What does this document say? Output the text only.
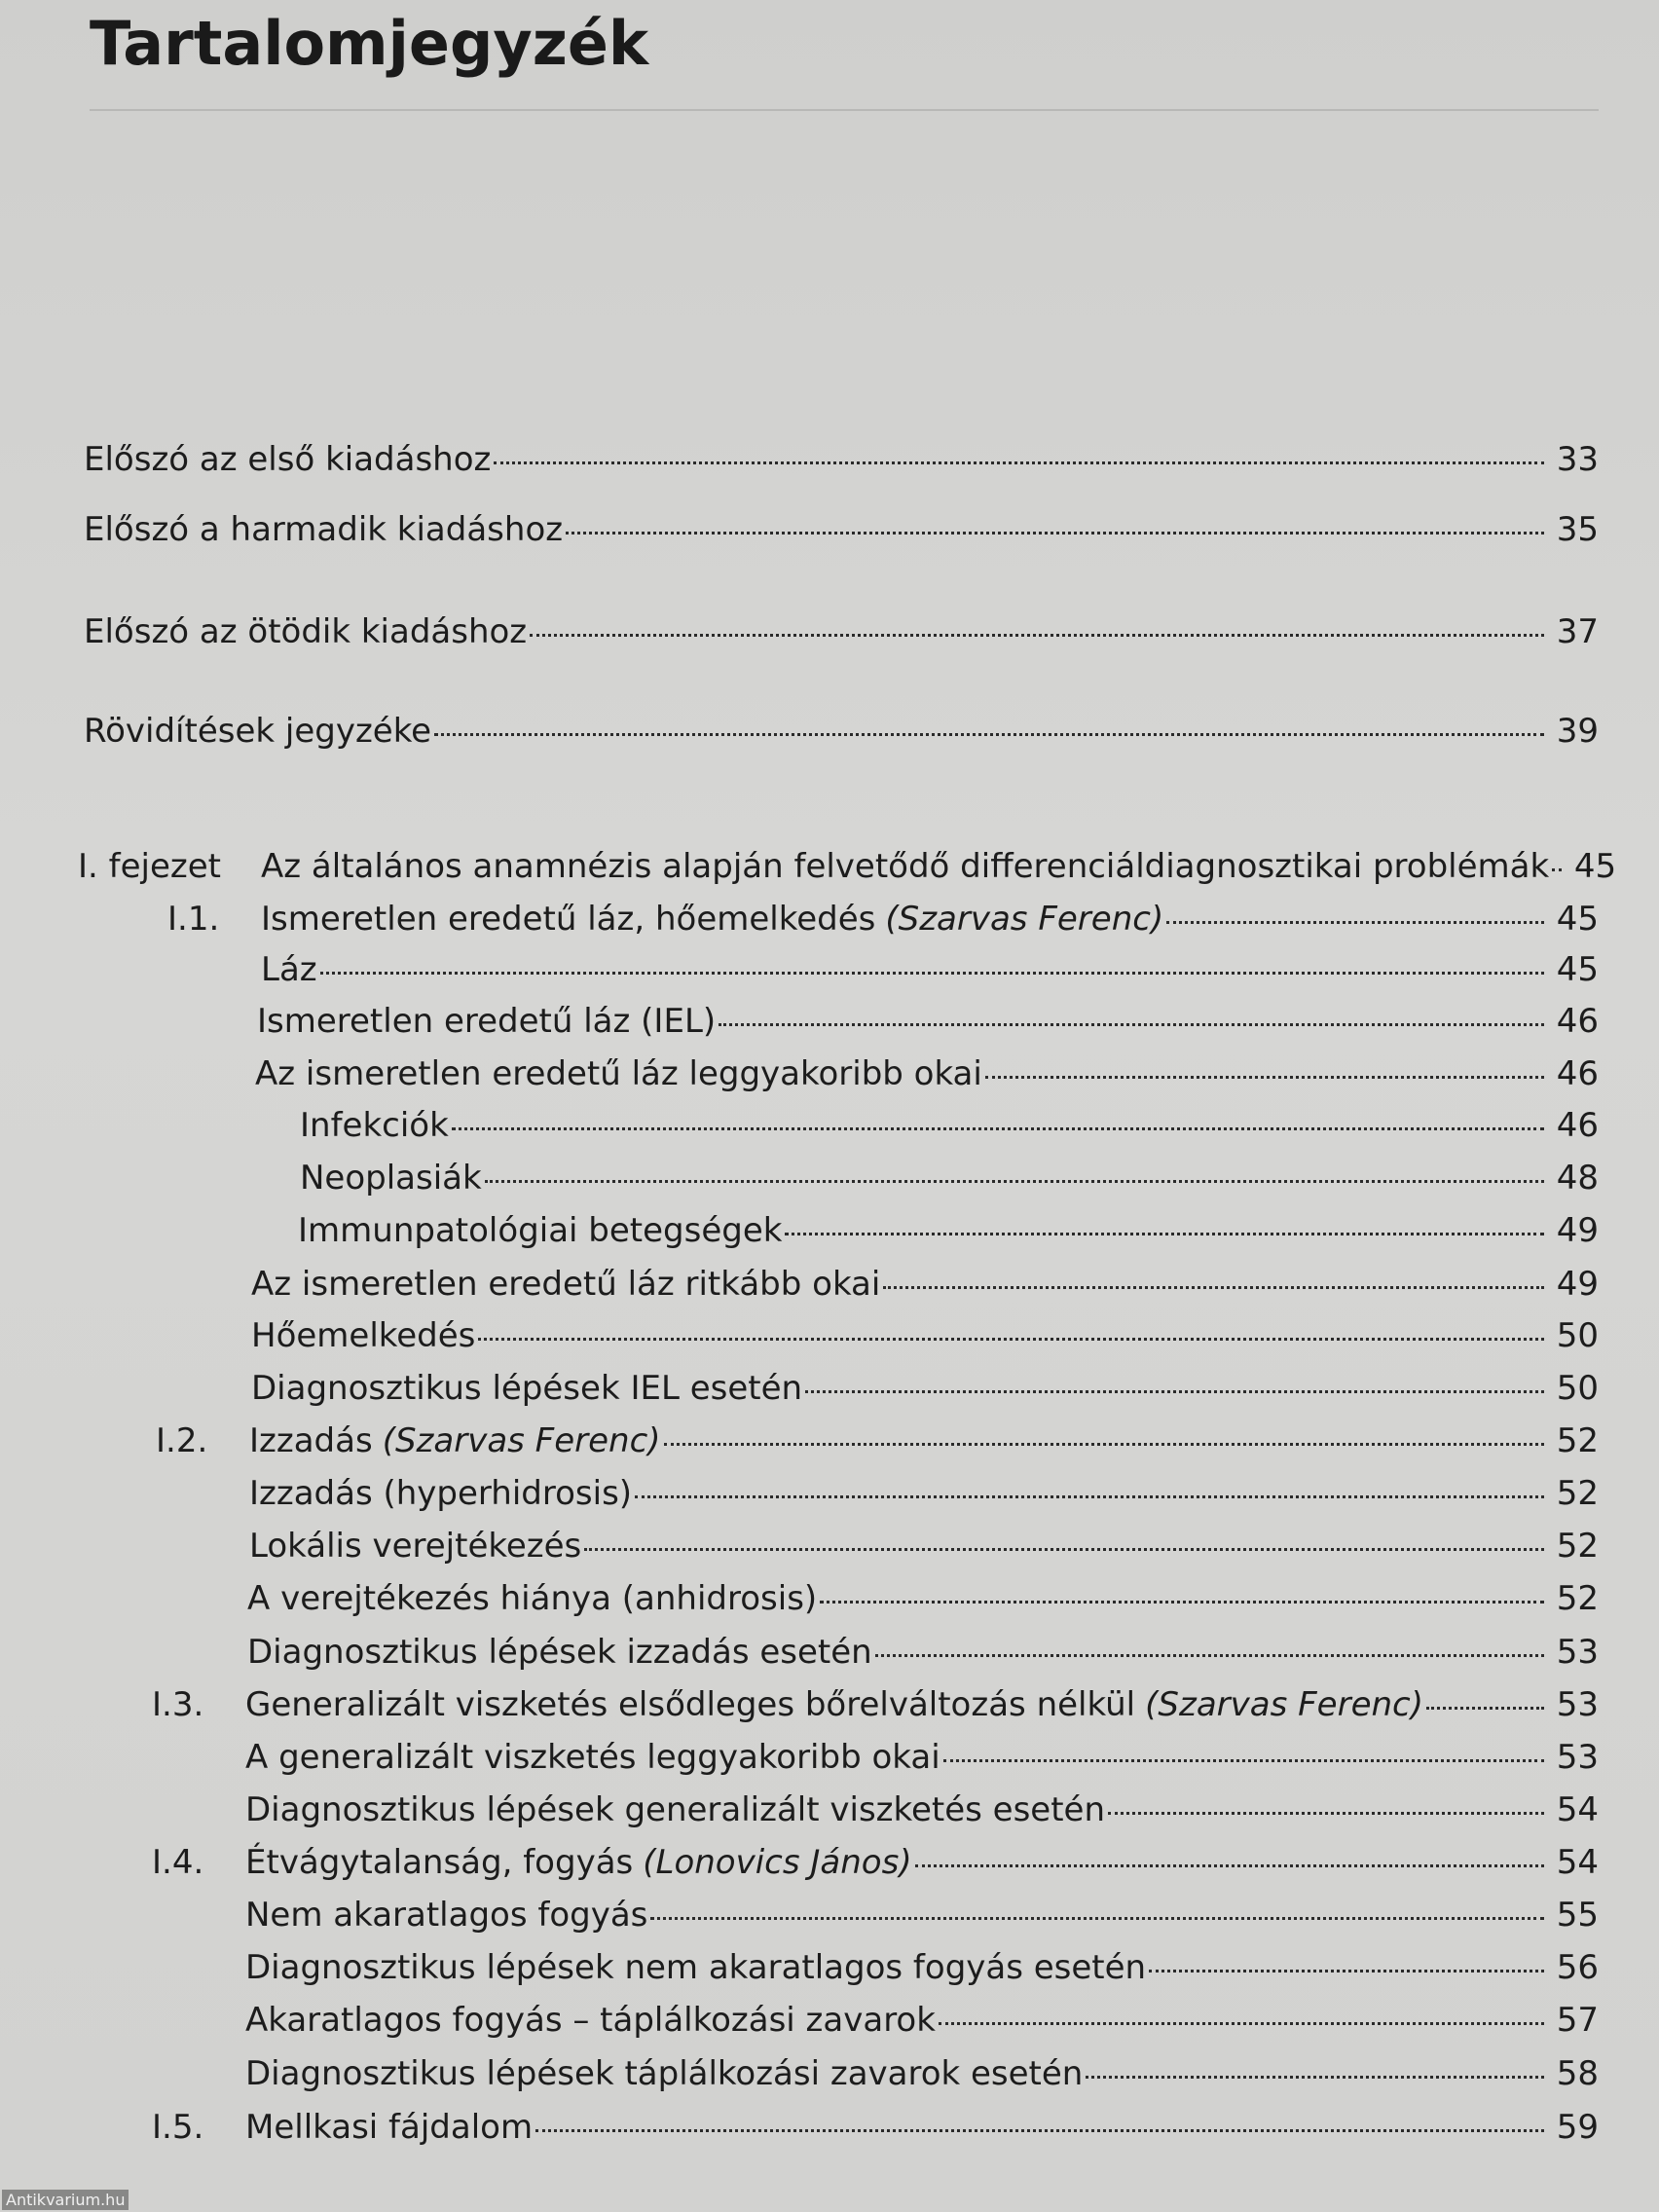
Tartalomjegyzék
Előszó az első kiadáshoz	33
Előszó a harmadik kiadáshoz	35
Előszó az ötödik kiadáshoz	37
Rövidítések jegyzéke	39
I. fejezet Az általános anamnézis alapján felvetődő differenciáldiagnosztikai problémák 45
I.1. Ismeretlen eredetű láz, hőemelkedés (Szarvas Ferenc)	45
Láz	45
Ismeretlen eredetű láz (IEL)	46
Az ismeretlen eredetű láz leggyakoribb okai	46
Infekciók	46
Neoplasiák	48
Immunpatológiai betegségek	49
Az ismeretlen eredetű láz ritkább okai	49
Hőemelkedés	50
Diagnosztikus lépések IEL esetén	50
I.2. Izzadás (Szarvas Ferenc)	52
Izzadás (hyperhidrosis)	52
Lokális verejtékezés	52
A verejtékezés hiánya (anhidrosis)	52
Diagnosztikus lépések izzadás esetén	53
I.3. Generalizált viszketés elsődleges bőrelváltozás nélkül (Szarvas Ferenc)	53
A generalizált viszketés leggyakoribb okai	53
Diagnosztikus lépések generalizált viszketés esetén	54
I.4. Étvágytalanság, fogyás (Lonovics János)	54
Nem akaratlagos fogyás	55
Diagnosztikus lépések nem akaratlagos fogyás esetén	56
Akaratlagos fogyás – táplálkozási zavarok	57
Diagnosztikus lépések táplálkozási zavarok esetén	58
I.5. Mellkasi fájdalom	59
Antikvarium.hu
